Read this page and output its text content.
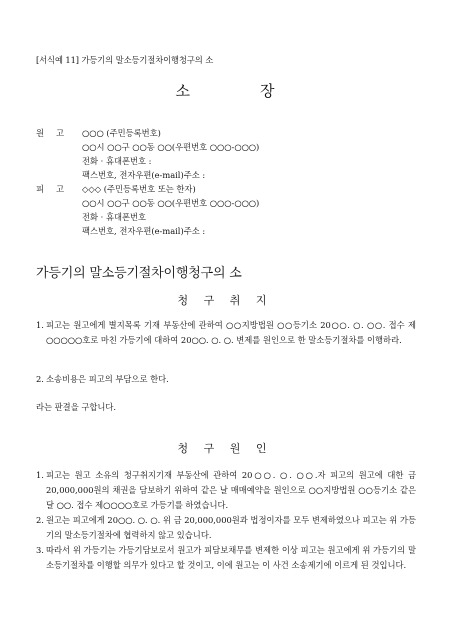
[서식예 11] 가등기의 말소등기절차이행청구의 소
소	장
원 고	○○○ (주민등록번호)
○○시 ○○구 ○○동 ○○(우편번호 ○○○-○○○)
전화 · 휴대폰번호 :
팩스번호, 전자우편(e-mail)주소 :
피 고	◇◇◇ (주민등록번호 또는 한자)
○○시 ○○구 ○○동 ○○(우편번호 ○○○-○○○)
전화 · 휴대폰번호
팩스번호, 전자우편(e-mail)주소 :
가등기의 말소등기절차이행청구의 소
청 구 취 지
1. 피고는 원고에게 별지목록 기재 부동산에 관하여 ○○지방법원 ○○등기소 20○○. ○. ○○. 접수 제○○○○○호로 마친 가등기에 대하여 20○○. ○. ○. 변제를 원인으로 한 말소등기절차를 이행하라.
2. 소송비용은 피고의 부담으로 한다.
라는 판결을 구합니다.
청 구 원 인
1. 피고는 원고 소유의 청구취지기재 부동산에 관하여 20○○. ○. ○○.자 피고의 원고에 대한 금 20,000,000원의 채권을 담보하기 위하여 같은 날 매매예약을 원인으로 ○○지방법원 ○○등기소 같은 달 ○○. 접수 제○○○○호로 가등기를 하였습니다.
2. 원고는 피고에게 20○○. ○. ○. 위 금 20,000,000원과 법정이자를 모두 변제하였으나 피고는 위 가등기의 말소등기절차에 협력하지 않고 있습니다.
3. 따라서 위 가등기는 가등기담보로서 원고가 피담보채무를 변제한 이상 피고는 원고에게 위 가등기의 말소등기절차를 이행할 의무가 있다고 할 것이고, 이에 원고는 이 사건 소송제기에 이르게 된 것입니다.
